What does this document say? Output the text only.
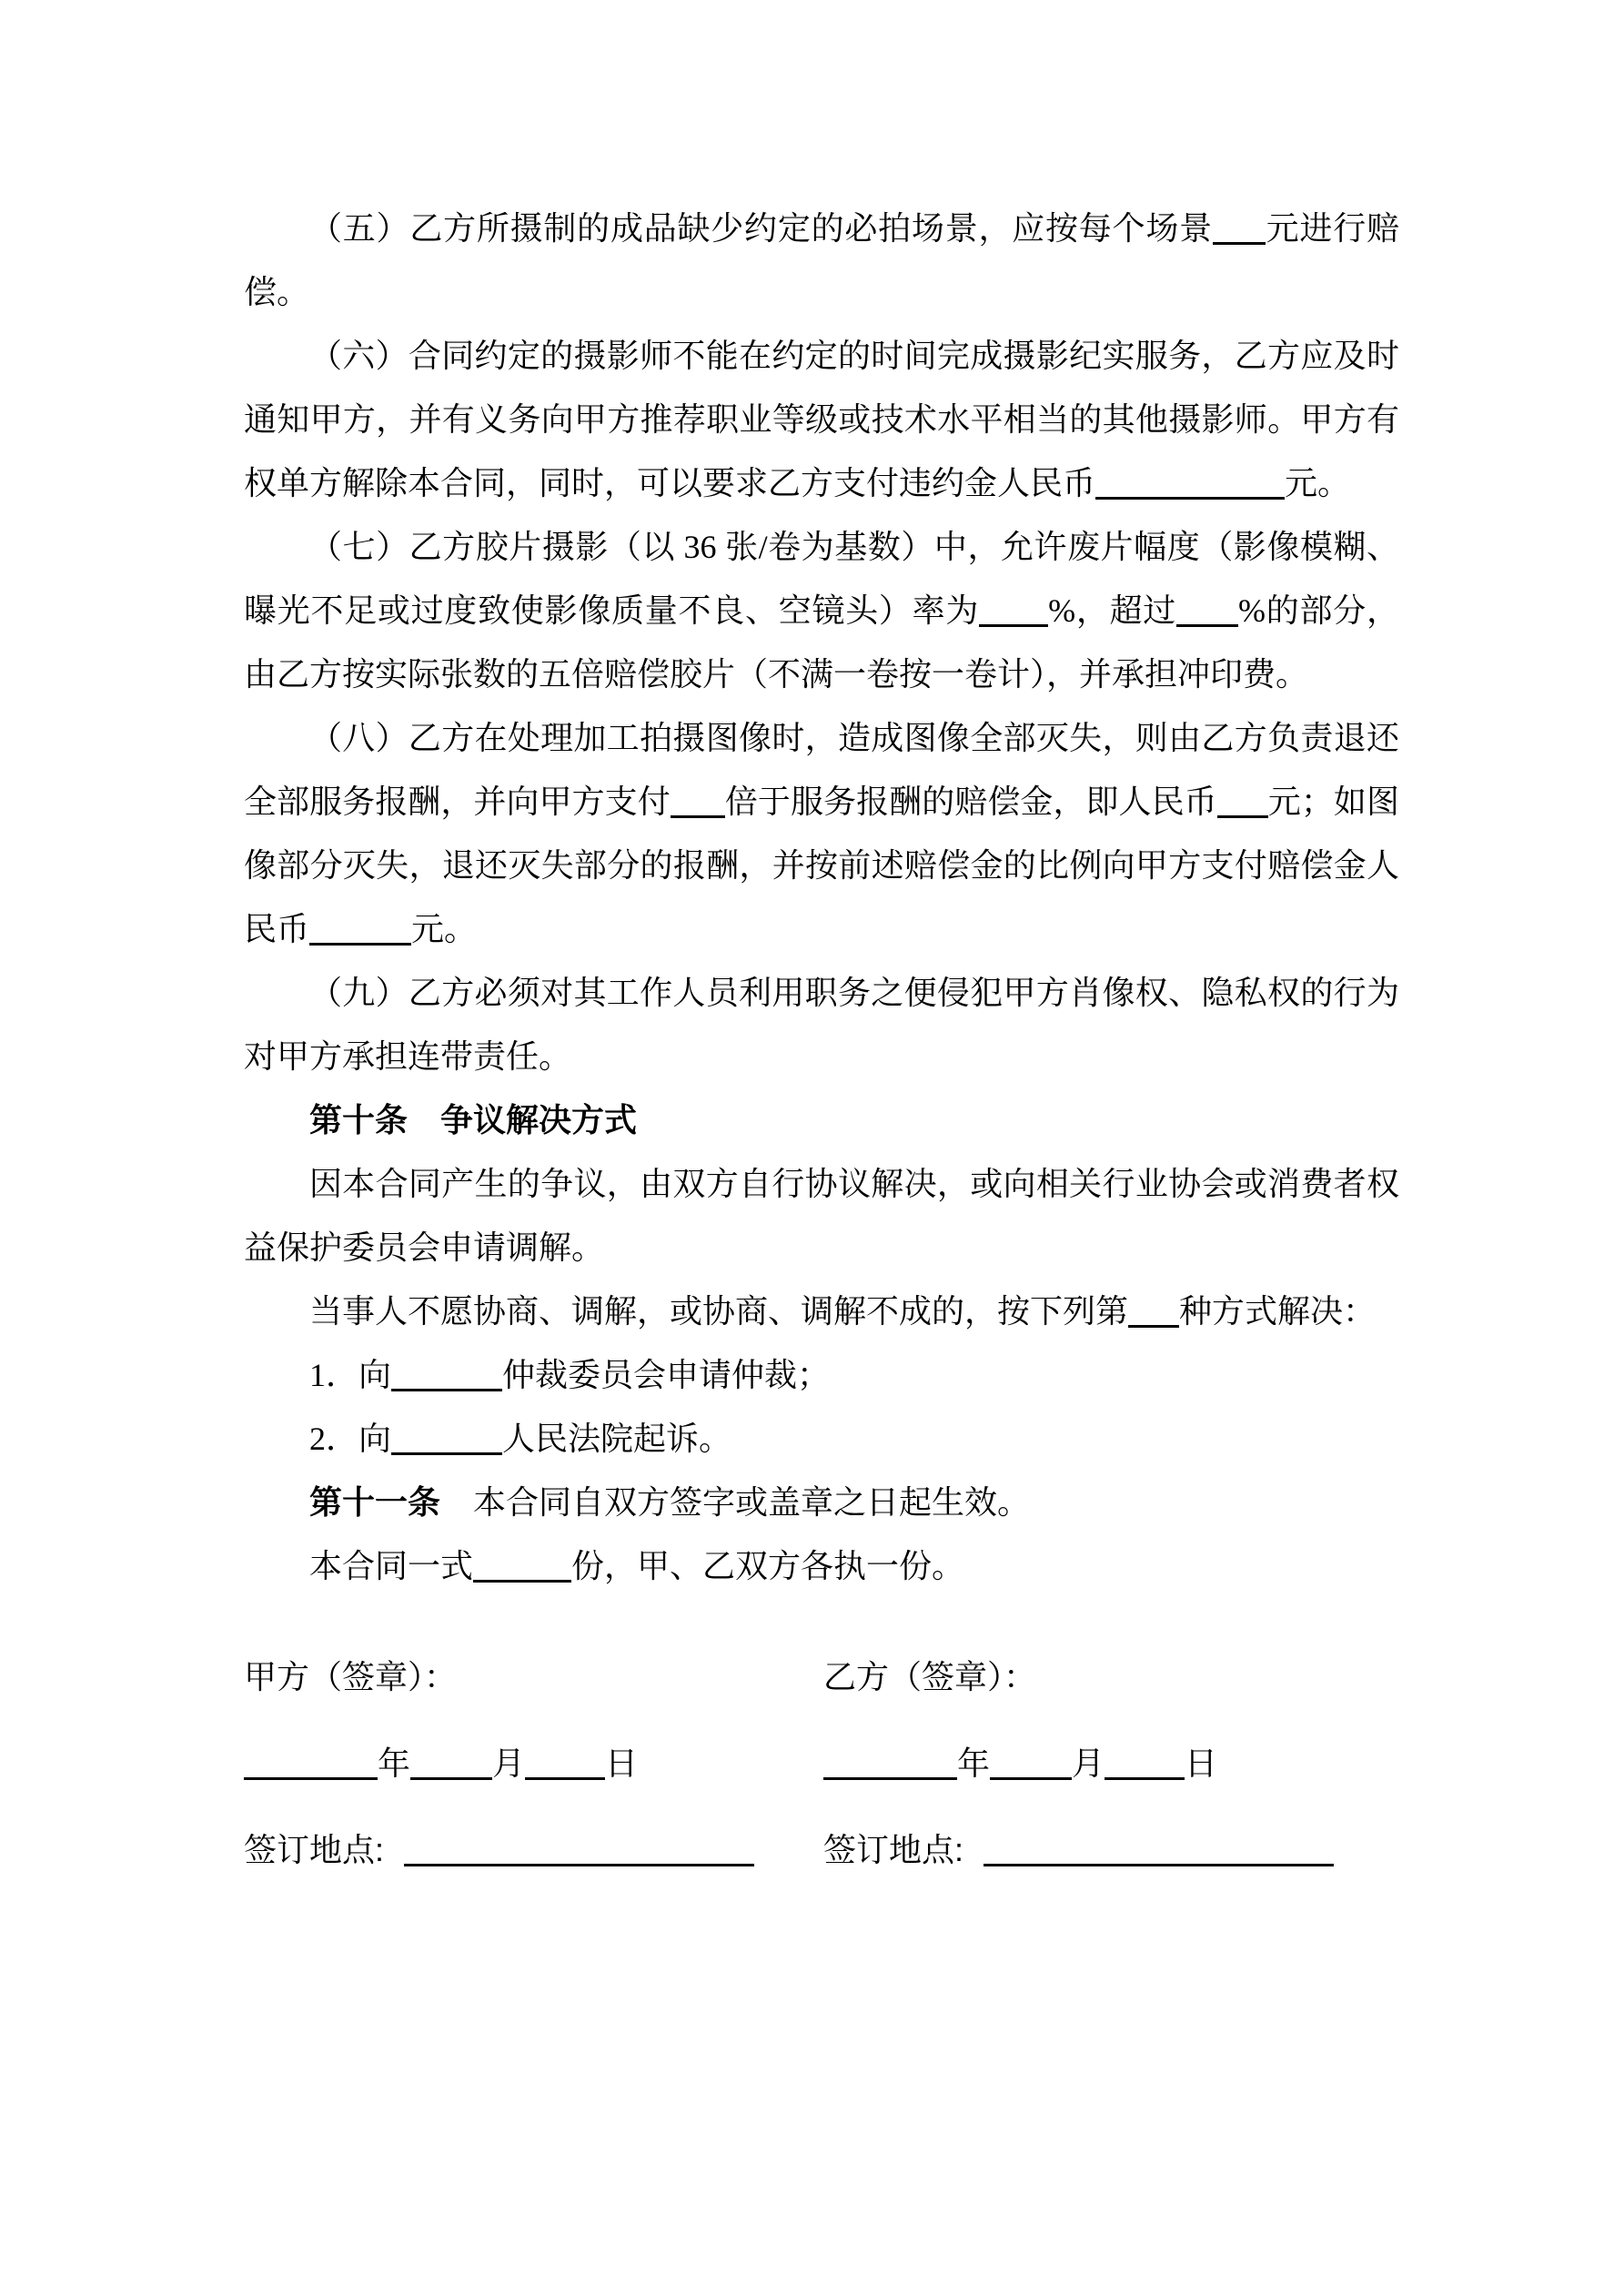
（五）乙方所摄制的成品缺少约定的必拍场景，应按每个场景 元进行赔偿。

（六）合同约定的摄影师不能在约定的时间完成摄影纪实服务，乙方应及时通知甲方，并有义务向甲方推荐职业等级或技术水平相当的其他摄影师。甲方有权单方解除本合同，同时，可以要求乙方支付违约金人民币	元。

（七）乙方胶片摄影（以 36 张/卷为基数）中，允许废片幅度（影像模糊、曝光不足或过度致使影像质量不良、空镜头）率为 %，超过 %的部分，由乙方按实际张数的五倍赔偿胶片（不满一卷按一卷计），并承担冲印费。

（八）乙方在处理加工拍摄图像时，造成图像全部灭失，则由乙方负责退还全部服务报酬，并向甲方支付 倍于服务报酬的赔偿金，即人民币 元；如图像部分灭失，退还灭失部分的报酬，并按前述赔偿金的比例向甲方支付赔偿金人民币	元。

（九）乙方必须对其工作人员利用职务之便侵犯甲方肖像权、隐私权的行为对甲方承担连带责任。

第十条　争议解决方式

因本合同产生的争议，由双方自行协议解决，或向相关行业协会或消费者权益保护委员会申请调解。

当事人不愿协商、调解，或协商、调解不成的，按下列第 种方式解决：

1．向	仲裁委员会申请仲裁；

2．向	人民法院起诉。

第十一条　本合同自双方签字或盖章之日起生效。

本合同一式	份，甲、乙双方各执一份。

甲方（签章）：
年	月 日
签订地点:
乙方（签章）：
年	月 日
签订地点:
